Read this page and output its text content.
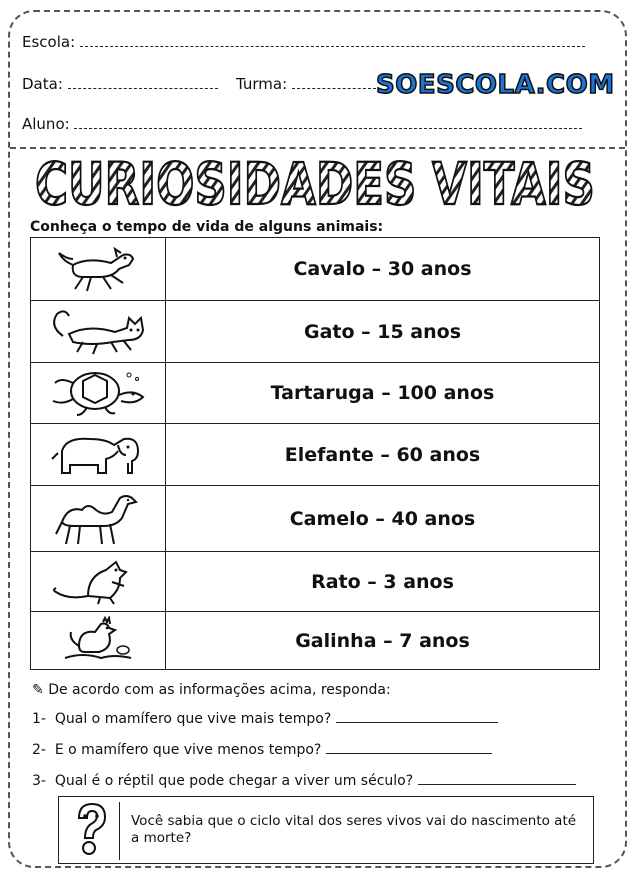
Escola:
Data:	Turma:	SOESCOLA.COM
Aluno:
CURIOSIDADES VITAIS
Conheça o tempo de vida de alguns animais:
	Cavalo – 30 anos

	Gato – 15 anos

	Tartaruga – 100 anos

	Elefante – 60 anos

	Camelo – 40 anos

	Rato – 3 anos

	Galinha – 7 anos
✎ De acordo com as informações acima, responda:
1- Qual o mamífero que vive mais tempo?
2- E o mamífero que vive menos tempo?
3- Qual é o réptil que pode chegar a viver um século?
Você sabia que o ciclo vital dos seres vivos vai do nascimento até a morte?
